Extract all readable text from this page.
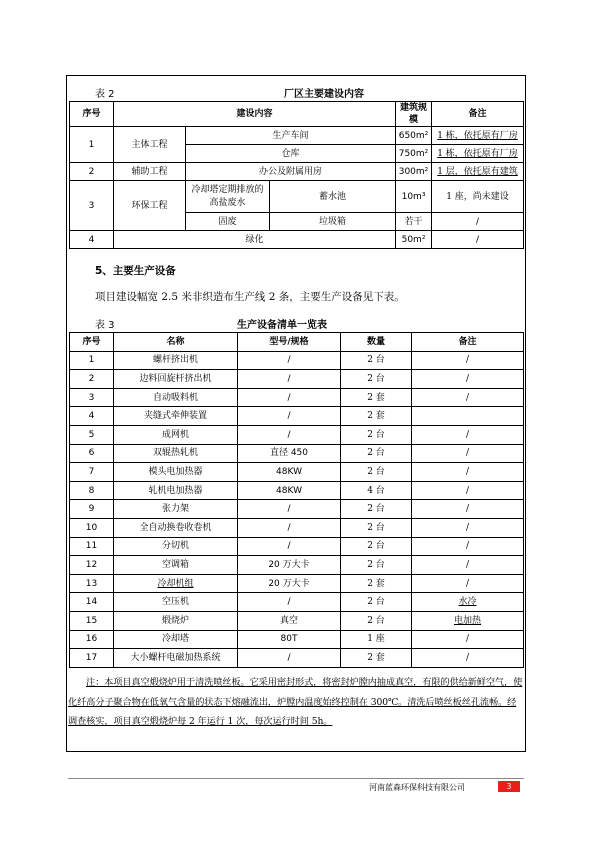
表 2	厂区主要建设内容
序号	建设内容			建筑规模	备注
1	主体工程	生产车间		650m²	1 栋，依托原有厂房
		仓库		750m²	1 栋，依托原有厂房
2	辅助工程	办公及附属用房		300m²	1 层，依托原有建筑
3	环保工程	冷却塔定期排放的高盐废水	蓄水池	10m³	1 座，尚未建设
		固废	垃圾箱	若干	/
4	绿化			50m²	/
5、主要生产设备
项目建设幅宽 2.5 米非织造布生产线 2 条，主要生产设备见下表。
表 3	生产设备清单一览表
序号	名称	型号/规格	数量	备注
1	螺杆挤出机	/	2 台	/
2	边料回旋杆挤出机	/	2 台	/
3	自动吸料机	/	2 套	/
4	夹缝式牵伸装置	/	2 套	
5	成网机	/	2 台	/
6	双辊热轧机	直径 450	2 台	/
7	模头电加热器	48KW	2 台	/
8	轧机电加热器	48KW	4 台	/
9	张力架	/	2 台	/
10	全自动换卷收卷机	/	2 台	/
11	分切机	/	2 台	/
12	空调箱	20 万大卡	2 台	/
13	冷却机组	20 万大卡	2 套	/
14	空压机	/	2 台	水冷
15	煅烧炉	真空	2 台	电加热
16	冷却塔	80T	1 座	/
17	大小螺杆电磁加热系统	/	2 套	/
注：本项目真空煅烧炉用于清洗喷丝板。它采用密封形式，将密封炉膛内抽成真空，有限的供给新鲜空气，使化纤高分子聚合物在低氧气含量的状态下熔融流出，炉膛内温度始终控制在 300℃。清洗后喷丝板丝孔流畅。经调查核实，项目真空煅烧炉每 2 年运行 1 次，每次运行时间 5h。
河南蓝森环保科技有限公司	3
